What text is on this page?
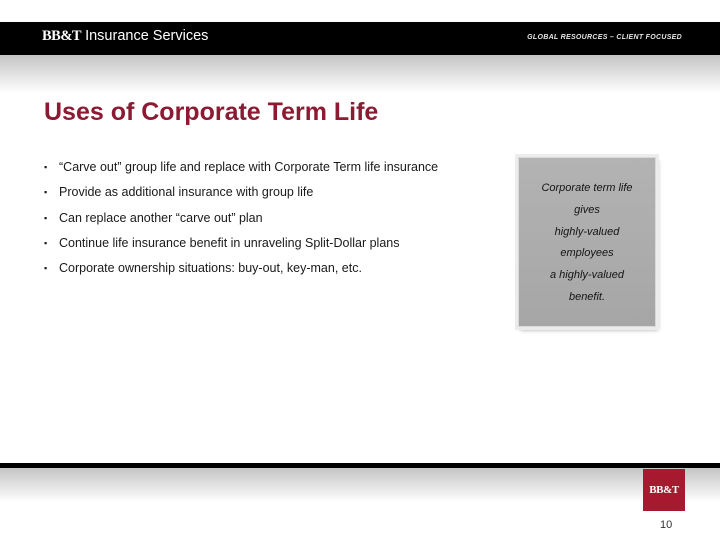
BB&T Insurance Services	GLOBAL RESOURCES – CLIENT FOCUSED
Uses of Corporate Term Life
▪ “Carve out” group life and replace with Corporate Term life insurance
▪ Provide as additional insurance with group life
▪ Can replace another “carve out” plan
▪ Continue life insurance benefit in unraveling Split-Dollar plans
▪ Corporate ownership situations: buy-out, key-man, etc.
Corporate term life
gives
highly-valued
employees
a highly-valued
benefit.
BB&T
10
